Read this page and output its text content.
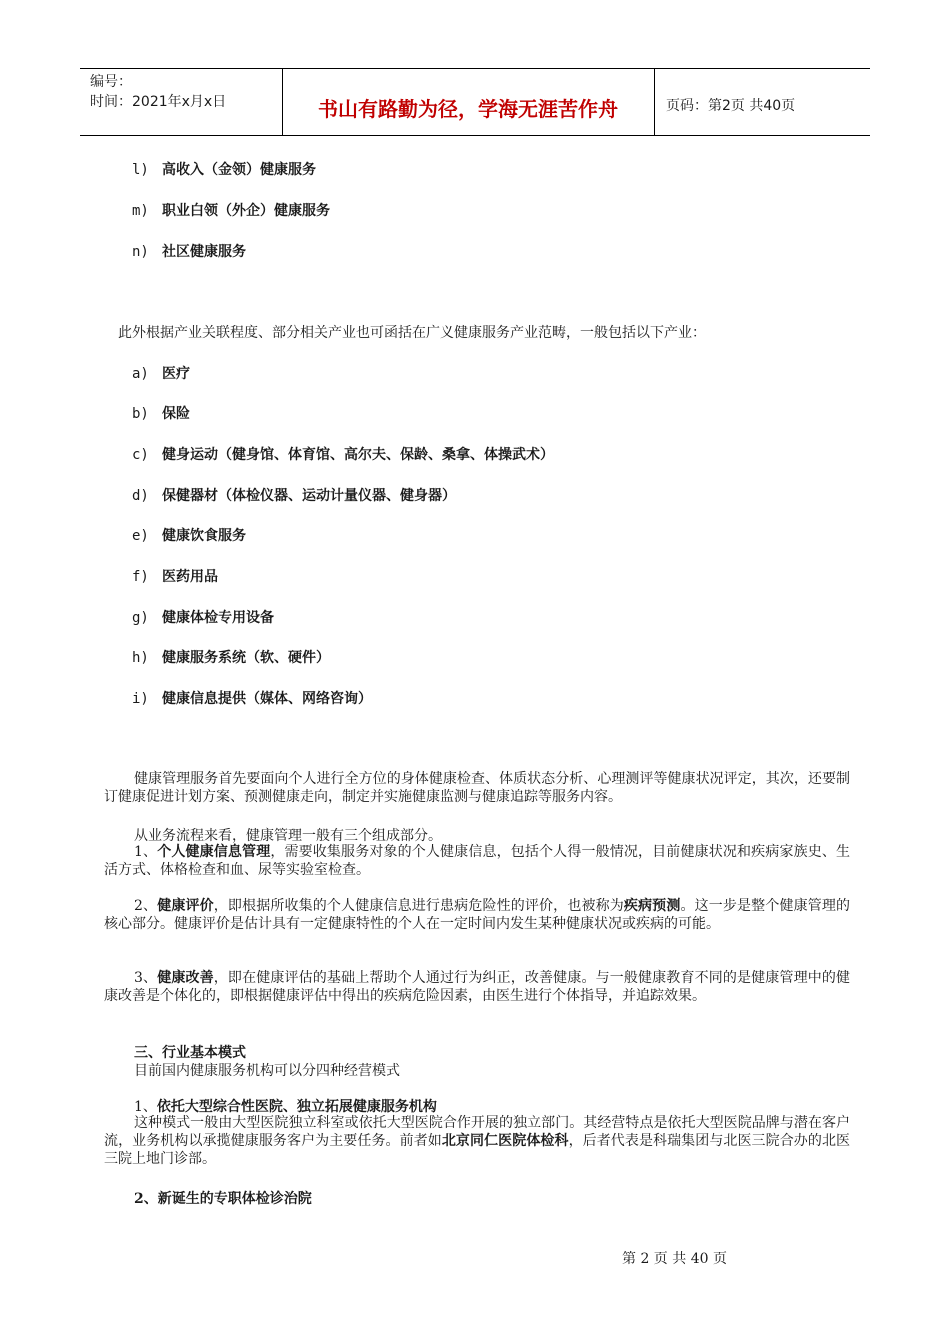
编号：
时间：2021年x月x日	书山有路勤为径，学海无涯苦作舟	页码：第2页 共40页
l) 高收入（金领）健康服务
m) 职业白领（外企）健康服务
n) 社区健康服务
此外根据产业关联程度、部分相关产业也可函括在广义健康服务产业范畴，一般包括以下产业：
a) 医疗
b) 保险
c) 健身运动（健身馆、体育馆、高尔夫、保龄、桑拿、体操武术）
d) 保健器材（体检仪器、运动计量仪器、健身器）
e) 健康饮食服务
f) 医药用品
g) 健康体检专用设备
h) 健康服务系统（软、硬件）
i) 健康信息提供（媒体、网络咨询）

健康管理服务首先要面向个人进行全方位的身体健康检查、体质状态分析、心理测评等健康状况评定，其次，还要制订健康促进计划方案、预测健康走向，制定并实施健康监测与健康追踪等服务内容。

从业务流程来看，健康管理一般有三个组成部分。

1、个人健康信息管理，需要收集服务对象的个人健康信息，包括个人得一般情况，目前健康状况和疾病家族史、生活方式、体格检查和血、尿等实验室检查。

2、健康评价，即根据所收集的个人健康信息进行患病危险性的评价，也被称为疾病预测。这一步是整个健康管理的核心部分。健康评价是估计具有一定健康特性的个人在一定时间内发生某种健康状况或疾病的可能。

3、健康改善，即在健康评估的基础上帮助个人通过行为纠正，改善健康。与一般健康教育不同的是健康管理中的健康改善是个体化的，即根据健康评估中得出的疾病危险因素，由医生进行个体指导，并追踪效果。

三、行业基本模式
目前国内健康服务机构可以分四种经营模式
1、依托大型综合性医院、独立拓展健康服务机构

这种模式一般由大型医院独立科室或依托大型医院合作开展的独立部门。其经营特点是依托大型医院品牌与潜在客户流，业务机构以承揽健康服务客户为主要任务。前者如北京同仁医院体检科，后者代表是科瑞集团与北医三院合办的北医三院上地门诊部。

2、新诞生的专职体检诊治院
第 2 页 共 40 页
